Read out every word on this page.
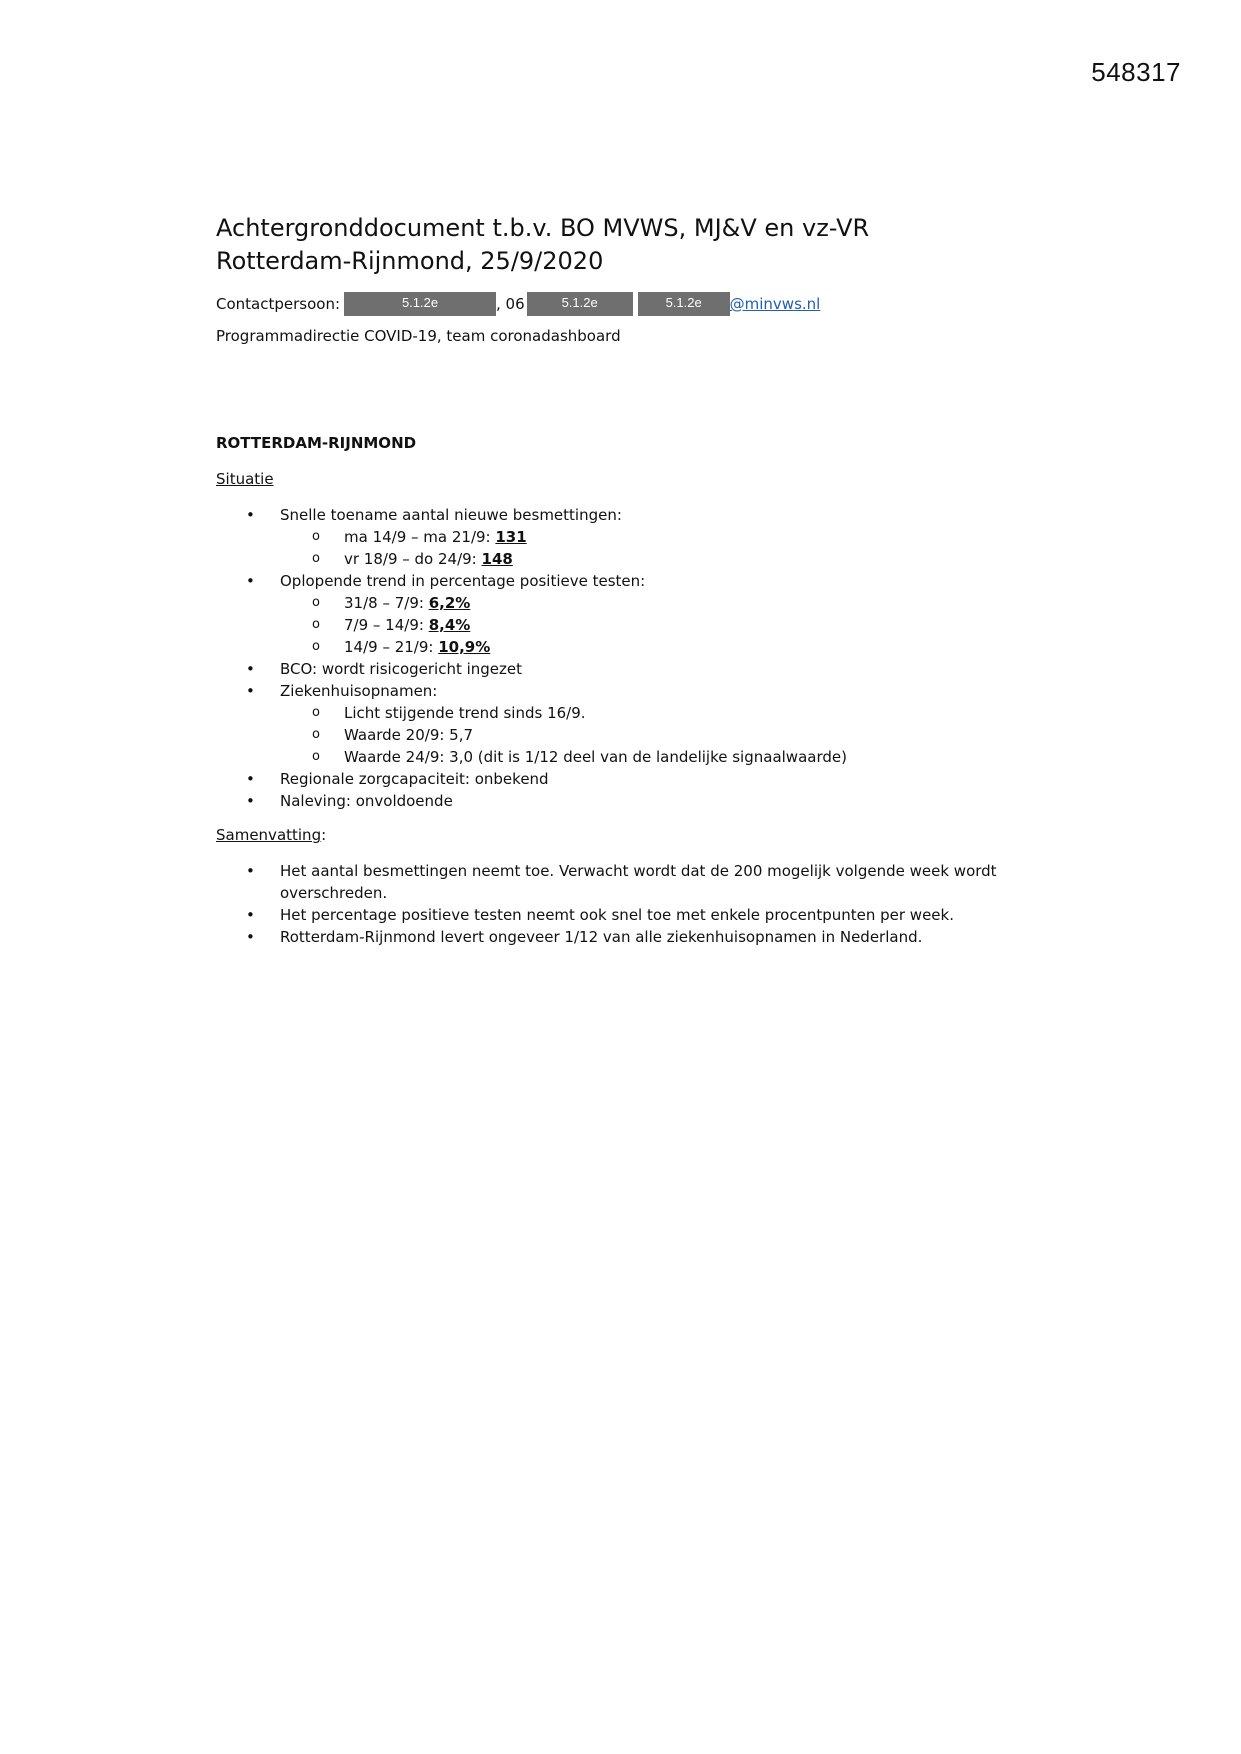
548317
Achtergronddocument t.b.v. BO MVWS, MJ&V en vz-VR
Rotterdam-Rijnmond, 25/9/2020
Contactpersoon:	5.1.2e	, 06	5.1.2e	5.1.2e	@minvws.nl
Programmadirectie COVID-19, team coronadashboard
ROTTERDAM-RIJNMOND
Situatie
• Snelle toename aantal nieuwe besmettingen:
o ma 14/9 – ma 21/9: 131
o vr 18/9 – do 24/9: 148
• Oplopende trend in percentage positieve testen:
o 31/8 – 7/9: 6,2%
o 7/9 – 14/9: 8,4%
o 14/9 – 21/9: 10,9%
• BCO: wordt risicogericht ingezet
• Ziekenhuisopnamen:
o Licht stijgende trend sinds 16/9.
o Waarde 20/9: 5,7
o Waarde 24/9: 3,0 (dit is 1/12 deel van de landelijke signaalwaarde)
• Regionale zorgcapaciteit: onbekend
• Naleving: onvoldoende
Samenvatting:
• Het aantal besmettingen neemt toe. Verwacht wordt dat de 200 mogelijk volgende week wordt overschreden.
• Het percentage positieve testen neemt ook snel toe met enkele procentpunten per week.
• Rotterdam-Rijnmond levert ongeveer 1/12 van alle ziekenhuisopnamen in Nederland.
